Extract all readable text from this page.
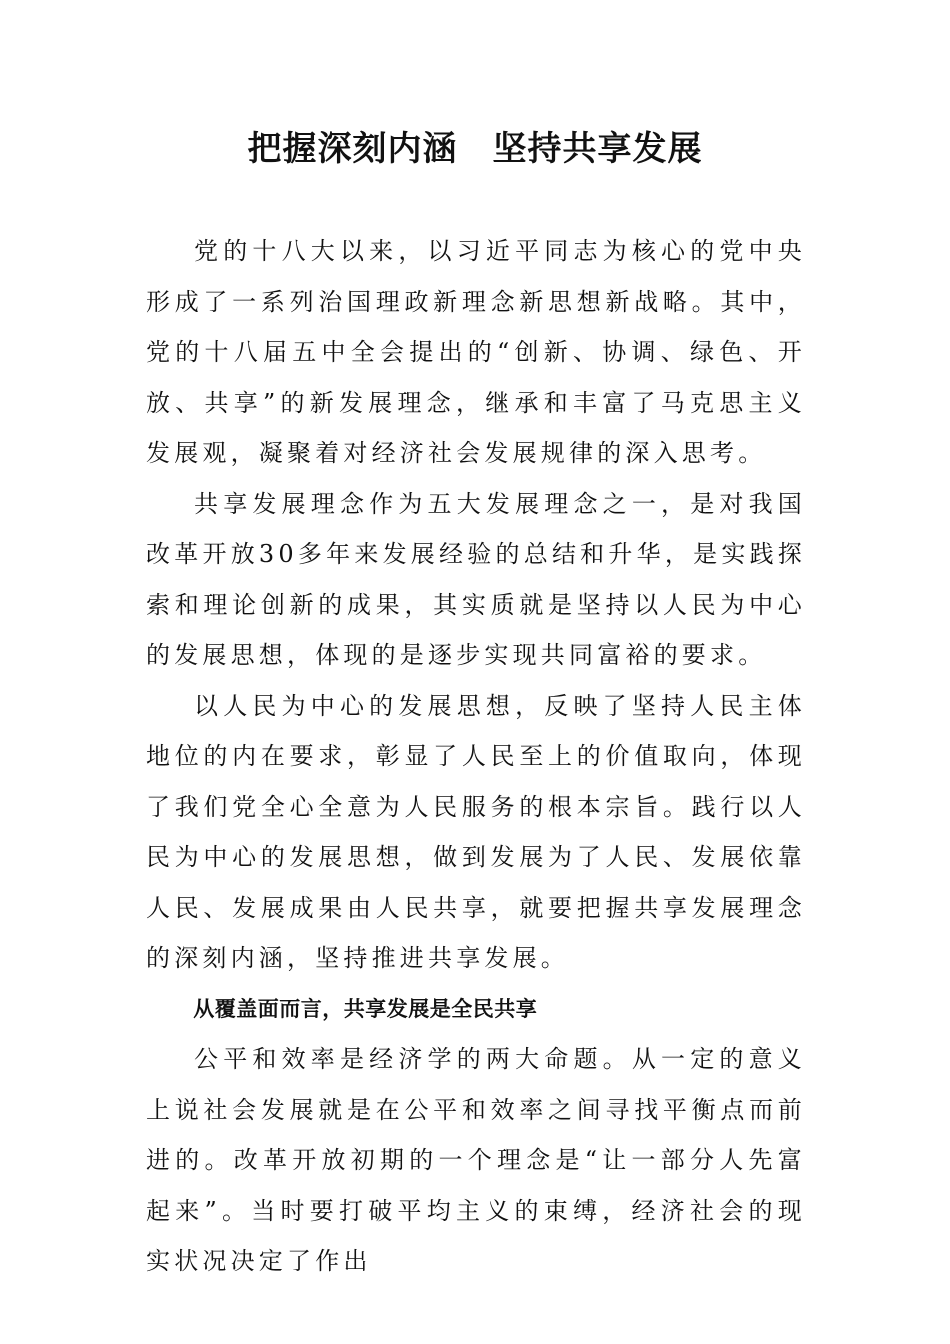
把握深刻内涵　坚持共享发展

党的十八大以来，以习近平同志为核心的党中央形成了一系列治国理政新理念新思想新战略。其中，党的十八届五中全会提出的“创新、协调、绿色、开放、共享”的新发展理念，继承和丰富了马克思主义发展观，凝聚着对经济社会发展规律的深入思考。

共享发展理念作为五大发展理念之一，是对我国改革开放30多年来发展经验的总结和升华，是实践探索和理论创新的成果，其实质就是坚持以人民为中心的发展思想，体现的是逐步实现共同富裕的要求。

以人民为中心的发展思想，反映了坚持人民主体地位的内在要求，彰显了人民至上的价值取向，体现了我们党全心全意为人民服务的根本宗旨。践行以人民为中心的发展思想，做到发展为了人民、发展依靠人民、发展成果由人民共享，就要把握共享发展理念的深刻内涵，坚持推进共享发展。

从覆盖面而言，共享发展是全民共享

公平和效率是经济学的两大命题。从一定的意义上说社会发展就是在公平和效率之间寻找平衡点而前进的。改革开放初期的一个理念是“让一部分人先富起来”。当时要打破平均主义的束缚，经济社会的现实状况决定了作出
